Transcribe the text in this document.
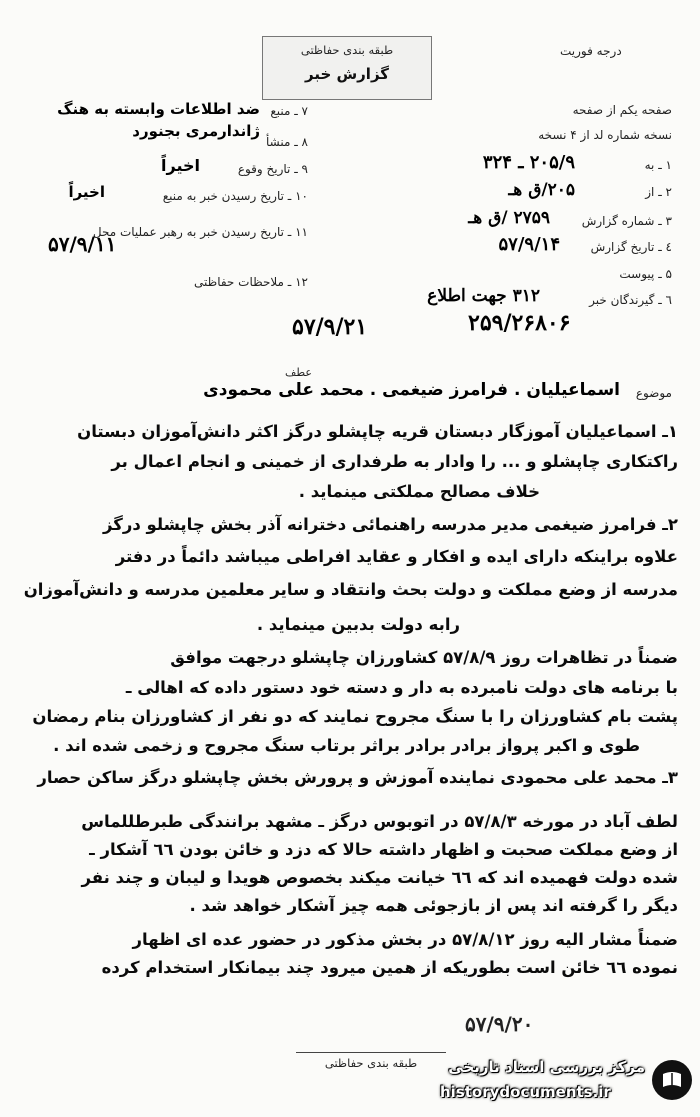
درجه فوریت
طبقه بندی حفاظتی
گزارش خبر
صفحه یکم از صفحه
نسخه شماره لد از ۴ نسخه
۱ ـ به
۲۰۵/۹ ـ ۳۲۴
۲ ـ از
۲۰۵/ق هـ
۳ ـ شماره گزارش
۲۷۵۹ /ق هـ
٤ ـ تاریخ گزارش
۵۷/۹/۱۴
۵ ـ پیوست
٦ ـ گیرندگان خبر
۳۱۲ جهت اطلاع
۷ ـ منبع
ضد اطلاعات وابسته به هنگ ژاندارمری بجنورد
۸ ـ منشأ
۹ ـ تاریخ وقوع
اخیراً
۱۰ ـ تاریخ رسیدن خبر به منبع
اخیراً
۱۱ ـ تاریخ رسیدن خبر به رهبر عملیات محل
۵۷/۹/۱۱
۱۲ ـ ملاحظات حفاظتی
۵۷/۹/۲۱	۲۵۹/۲۶۸۰۶
عطف
موضوع
اسماعیلیان . فرامرز ضیغمی . محمد علی محمودی
۱ـ اسماعیلیان آموزگار دبستان قریه چاپشلو درگز اکثر دانش‌آموزان دبستان
راکتکاری چاپشلو و ... را وادار به طرفداری از خمینی و انجام اعمال بر
خلاف مصالح مملکتی مینماید .
۲ـ فرامرز ضیغمی مدیر مدرسه راهنمائی دخترانه آذر بخش چاپشلو درگز
علاوه براینکه دارای ایده و افکار و عقاید افراطی میباشد دائماً در دفتر
مدرسه از وضع مملکت و دولت بحث وانتقاد و سایر معلمین مدرسه و دانش‌آموزان
رابه دولت بدبین مینماید .
ضمناً در تظاهرات روز ۵۷/۸/۹ کشاورزان چاپشلو درجهت موافق
با برنامه های دولت نامبرده به دار و دسته خود دستور داده که اهالی ـ
پشت بام کشاورزان را با سنگ مجروح نمایند که دو نفر از کشاورزان بنام رمضان
طوی و اکبر پرواز برادر برادر براثر برتاب سنگ مجروح و زخمی شده اند .
۳ـ محمد علی محمودی نماینده آموزش و پرورش بخش چاپشلو درگز ساکن حصار
لطف آباد در مورخه ۵۷/۸/۳ در اتوبوس درگز ـ مشهد برانندگی طبرطللماس
از وضع مملکت صحبت و اظهار داشته حالا که دزد و خائن بودن ٦٦ آشکار ـ
شده دولت فهمیده اند که ٦٦ خیانت میکند بخصوص هویدا و لیبان و چند نفر
دیگر را گرفته اند پس از بازجوئی همه چیز آشکار خواهد شد .
ضمناً مشار الیه روز ۵۷/۸/۱۲ در بخش مذکور در حضور عده ای اظهار
نموده ٦٦ خائن است بطوریکه از همین میرود چند بیمانکار استخدام کرده
۵۷/۹/۲۰
طبقه بندی حفاظتی	مرکز بررسی اسناد تاریخی
historydocuments.ir
